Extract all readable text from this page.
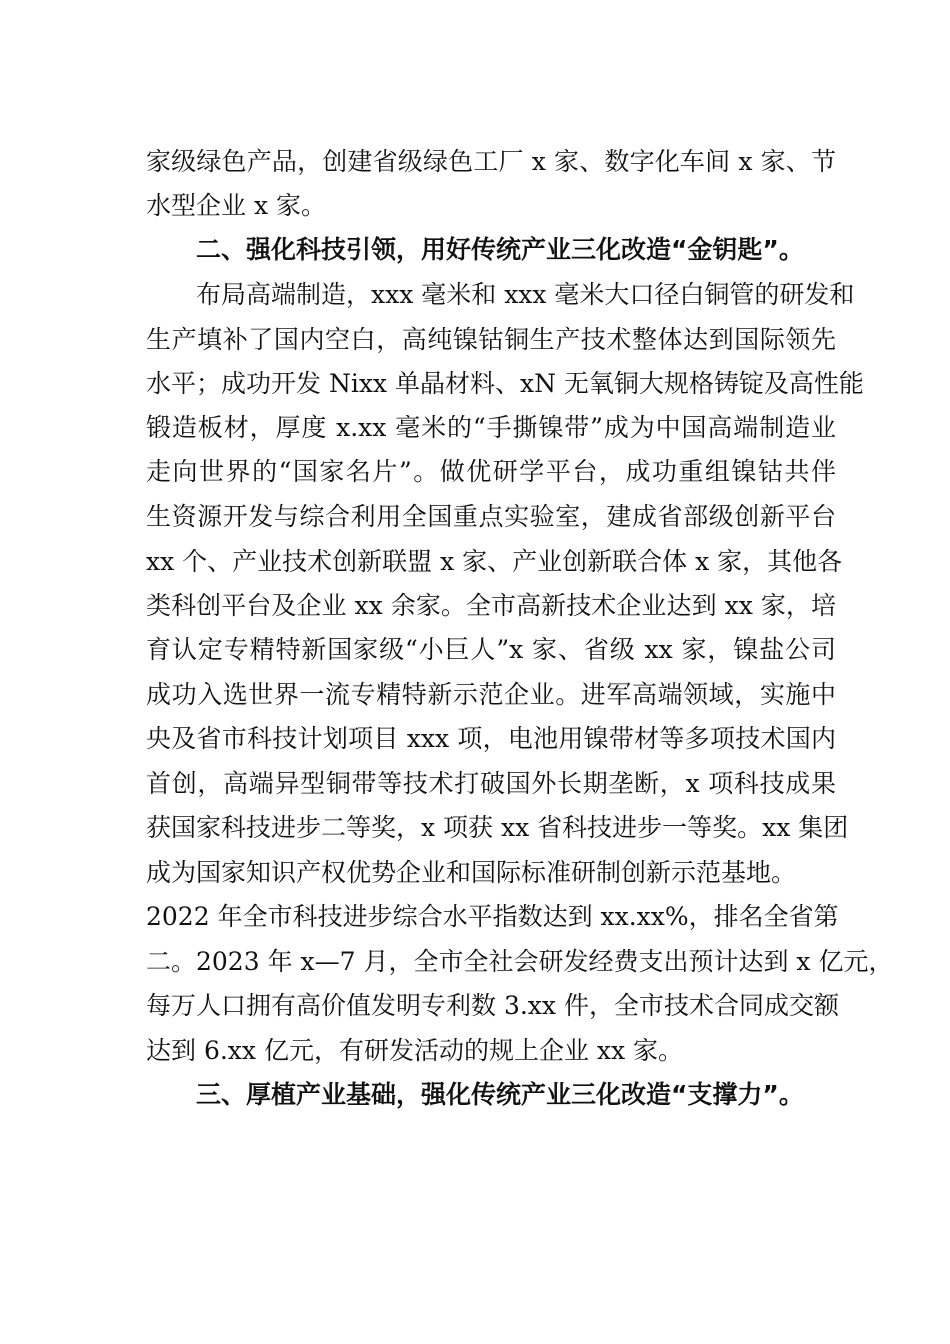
家级绿色产品，创建省级绿色工厂 x 家、数字化车间 x 家、节
水型企业 x 家。
二、强化科技引领，用好传统产业三化改造“金钥匙”。
布局高端制造，xxx 毫米和 xxx 毫米大口径白铜管的研发和
生产填补了国内空白，高纯镍钴铜生产技术整体达到国际领先
水平；成功开发 Nixx 单晶材料、xN 无氧铜大规格铸锭及高性能
锻造板材，厚度 x.xx 毫米的“手撕镍带”成为中国高端制造业
走向世界的“国家名片”。做优研学平台，成功重组镍钴共伴
生资源开发与综合利用全国重点实验室，建成省部级创新平台
xx 个、产业技术创新联盟 x 家、产业创新联合体 x 家，其他各
类科创平台及企业 xx 余家。全市高新技术企业达到 xx 家，培
育认定专精特新国家级“小巨人”x 家、省级 xx 家，镍盐公司
成功入选世界一流专精特新示范企业。进军高端领域，实施中
央及省市科技计划项目 xxx 项，电池用镍带材等多项技术国内
首创，高端异型铜带等技术打破国外长期垄断，x 项科技成果
获国家科技进步二等奖，x 项获 xx 省科技进步一等奖。xx 集团
成为国家知识产权优势企业和国际标准研制创新示范基地。
2022 年全市科技进步综合水平指数达到 xx.xx%，排名全省第
二。2023 年 x—7 月，全市全社会研发经费支出预计达到 x 亿元，
每万人口拥有高价值发明专利数 3.xx 件，全市技术合同成交额
达到 6.xx 亿元，有研发活动的规上企业 xx 家。
三、厚植产业基础，强化传统产业三化改造“支撑力”。
